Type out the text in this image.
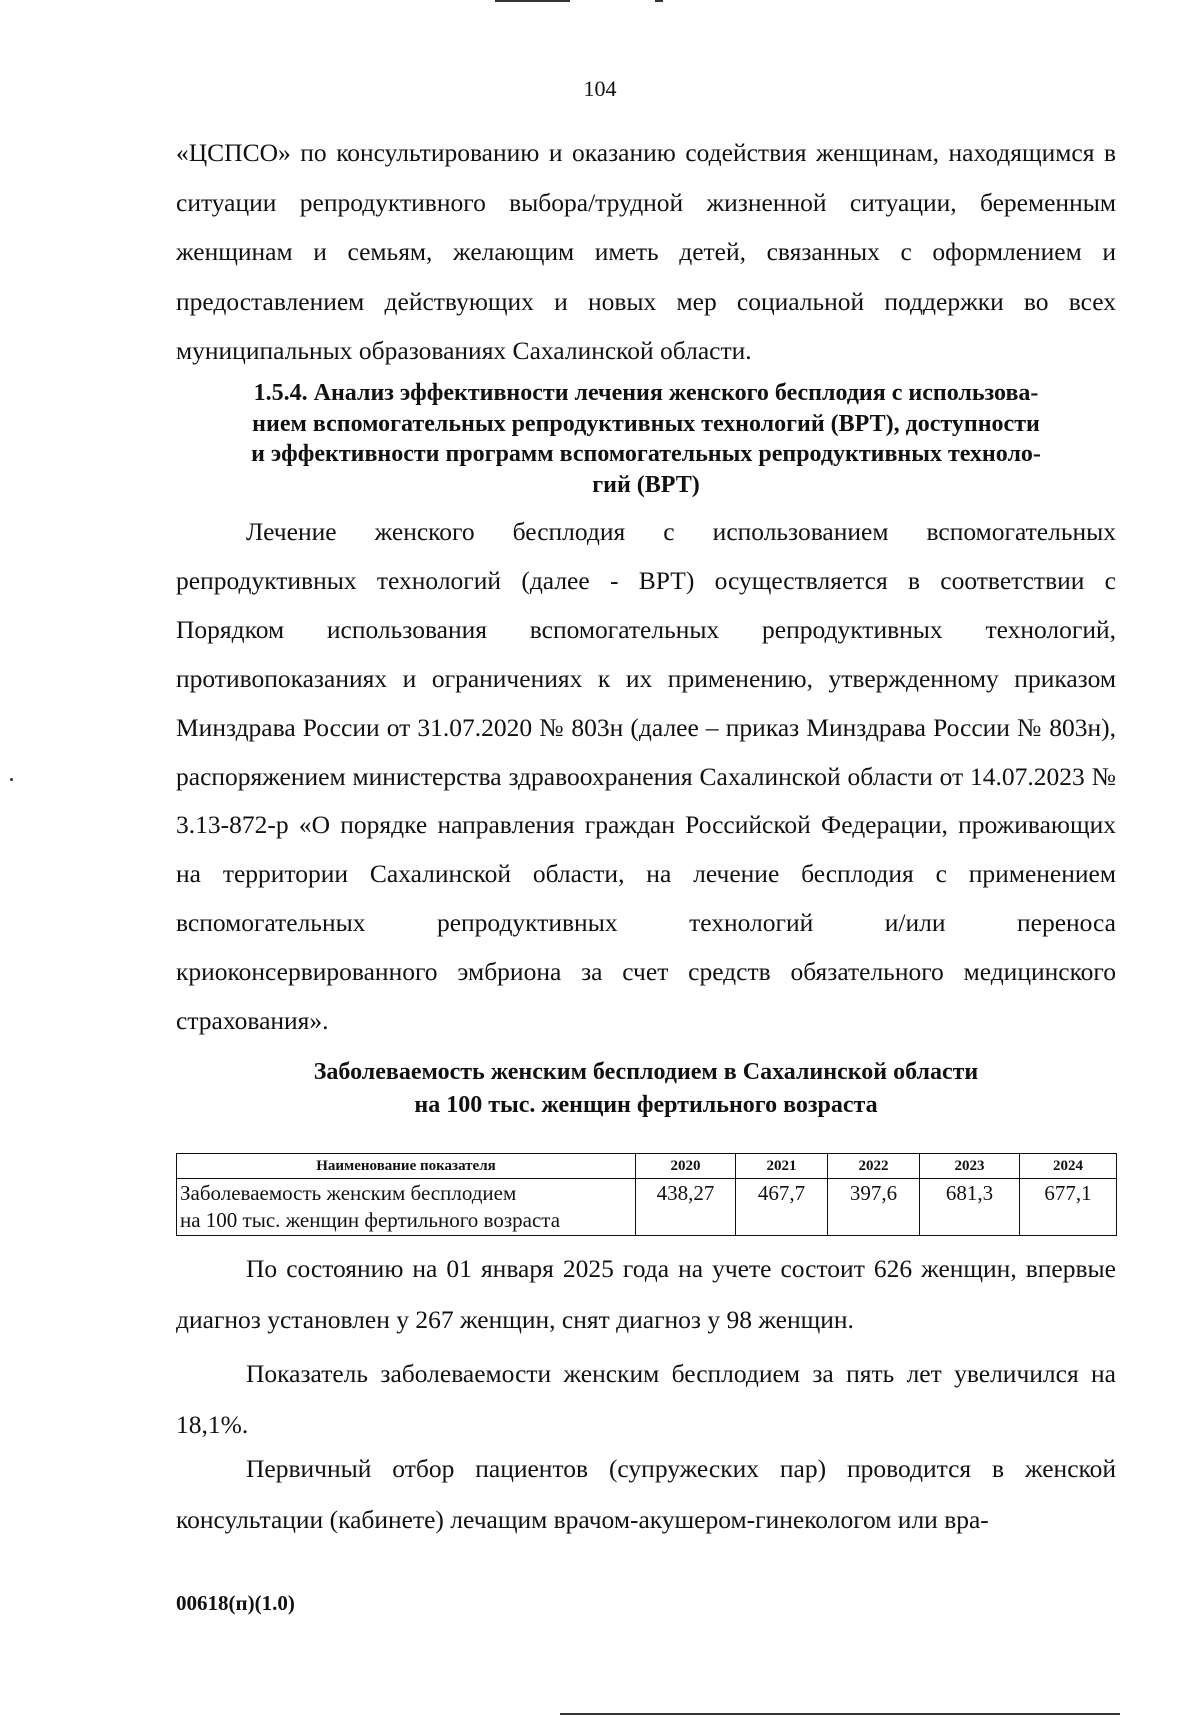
104

«ЦСПСО» по консультированию и оказанию содействия женщинам, находящимся в ситуации репродуктивного выбора/трудной жизненной ситуации, беременным женщинам и семьям, желающим иметь детей, связанных с оформлением и предоставлением действующих и новых мер социальной поддержки во всех муниципальных образованиях Сахалинской области.

1.5.4. Анализ эффективности лечения женского бесплодия с использова-
нием вспомогательных репродуктивных технологий (ВРТ), доступности
и эффективности программ вспомогательных репродуктивных техноло-
гий (ВРТ)

Лечение женского бесплодия с использованием вспомогательных репродуктивных технологий (далее - ВРТ) осуществляется в соответствии с Порядком использования вспомогательных репродуктивных технологий, противопоказаниях и ограничениях к их применению, утвержденному приказом Минздрава России от 31.07.2020 № 803н (далее – приказ Минздрава России № 803н), распоряжением министерства здравоохранения Сахалинской области от 14.07.2023 № 3.13-872-р «О порядке направления граждан Российской Федерации, проживающих на территории Сахалинской области, на лечение бесплодия с применением вспомогательных репродуктивных технологий и/или переноса криоконсервированного эмбриона за счет средств обязательного медицинского страхования».

Заболеваемость женским бесплодием в Сахалинской области
на 100 тыс. женщин фертильного возраста
Наименование показателя	2020	2021	2022	2023	2024

Заболеваемость женским бесплодием
на 100 тыс. женщин фертильного возраста	438,27	467,7	397,6	681,3	677,1

По состоянию на 01 января 2025 года на учете состоит 626 женщин, впервые диагноз установлен у 267 женщин, снят диагноз у 98 женщин.

Показатель заболеваемости женским бесплодием за пять лет увеличился на 18,1%.

Первичный отбор пациентов (супружеских пар) проводится в женской консультации (кабинете) лечащим врачом-акушером-гинекологом или вра-

00618(п)(1.0)
